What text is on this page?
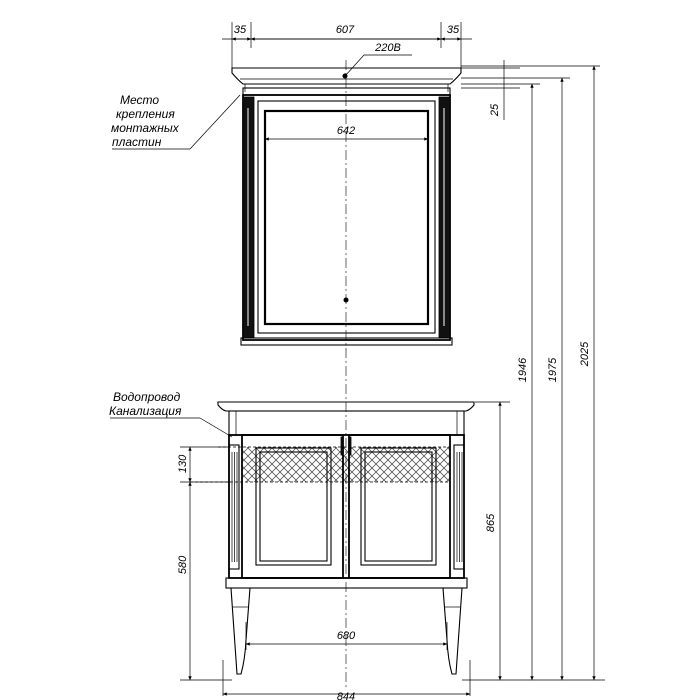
35	607	35
220В
Место
крепления
монтажных
пластин
642
25
1946 1975
2025
865
Водопровод
Канализация
130
580
680
844
